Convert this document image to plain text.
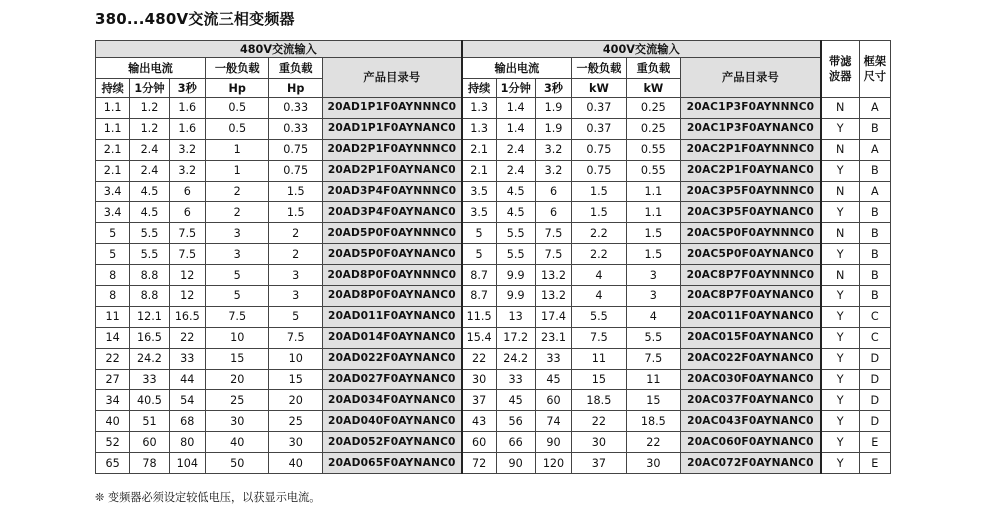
380...480V交流三相变频器
480V交流输入						400V交流输入						带滤
波器	框架
尺寸
输出电流			一般负载	重负载	产品目录号	输出电流			一般负载	重负载	产品目录号		
持续	1分钟	3秒	Hp	Hp		持续	1分钟	3秒	kW	kW			
1.1	1.2	1.6	0.5	0.33	20AD1P1F0AYNNNC0	1.3	1.4	1.9	0.37	0.25	20AC1P3F0AYNNNC0	N	A
1.1	1.2	1.6	0.5	0.33	20AD1P1F0AYNANC0	1.3	1.4	1.9	0.37	0.25	20AC1P3F0AYNANC0	Y	B
2.1	2.4	3.2	1	0.75	20AD2P1F0AYNNNC0	2.1	2.4	3.2	0.75	0.55	20AC2P1F0AYNNNC0	N	A
2.1	2.4	3.2	1	0.75	20AD2P1F0AYNANC0	2.1	2.4	3.2	0.75	0.55	20AC2P1F0AYNANC0	Y	B
3.4	4.5	6	2	1.5	20AD3P4F0AYNNNC0	3.5	4.5	6	1.5	1.1	20AC3P5F0AYNNNC0	N	A
3.4	4.5	6	2	1.5	20AD3P4F0AYNANC0	3.5	4.5	6	1.5	1.1	20AC3P5F0AYNANC0	Y	B
5	5.5	7.5	3	2	20AD5P0F0AYNNNC0	5	5.5	7.5	2.2	1.5	20AC5P0F0AYNNNC0	N	B
5	5.5	7.5	3	2	20AD5P0F0AYNANC0	5	5.5	7.5	2.2	1.5	20AC5P0F0AYNANC0	Y	B
8	8.8	12	5	3	20AD8P0F0AYNNNC0	8.7	9.9	13.2	4	3	20AC8P7F0AYNNNC0	N	B
8	8.8	12	5	3	20AD8P0F0AYNANC0	8.7	9.9	13.2	4	3	20AC8P7F0AYNANC0	Y	B
11	12.1	16.5	7.5	5	20AD011F0AYNANC0	11.5	13	17.4	5.5	4	20AC011F0AYNANC0	Y	C
14	16.5	22	10	7.5	20AD014F0AYNANC0	15.4	17.2	23.1	7.5	5.5	20AC015F0AYNANC0	Y	C
22	24.2	33	15	10	20AD022F0AYNANC0	22	24.2	33	11	7.5	20AC022F0AYNANC0	Y	D
27	33	44	20	15	20AD027F0AYNANC0	30	33	45	15	11	20AC030F0AYNANC0	Y	D
34	40.5	54	25	20	20AD034F0AYNANC0	37	45	60	18.5	15	20AC037F0AYNANC0	Y	D
40	51	68	30	25	20AD040F0AYNANC0	43	56	74	22	18.5	20AC043F0AYNANC0	Y	D
52	60	80	40	30	20AD052F0AYNANC0	60	66	90	30	22	20AC060F0AYNANC0	Y	E
65	78	104	50	40	20AD065F0AYNANC0	72	90	120	37	30	20AC072F0AYNANC0	Y	E
❊ 变频器必须设定较低电压，以获显示电流。
